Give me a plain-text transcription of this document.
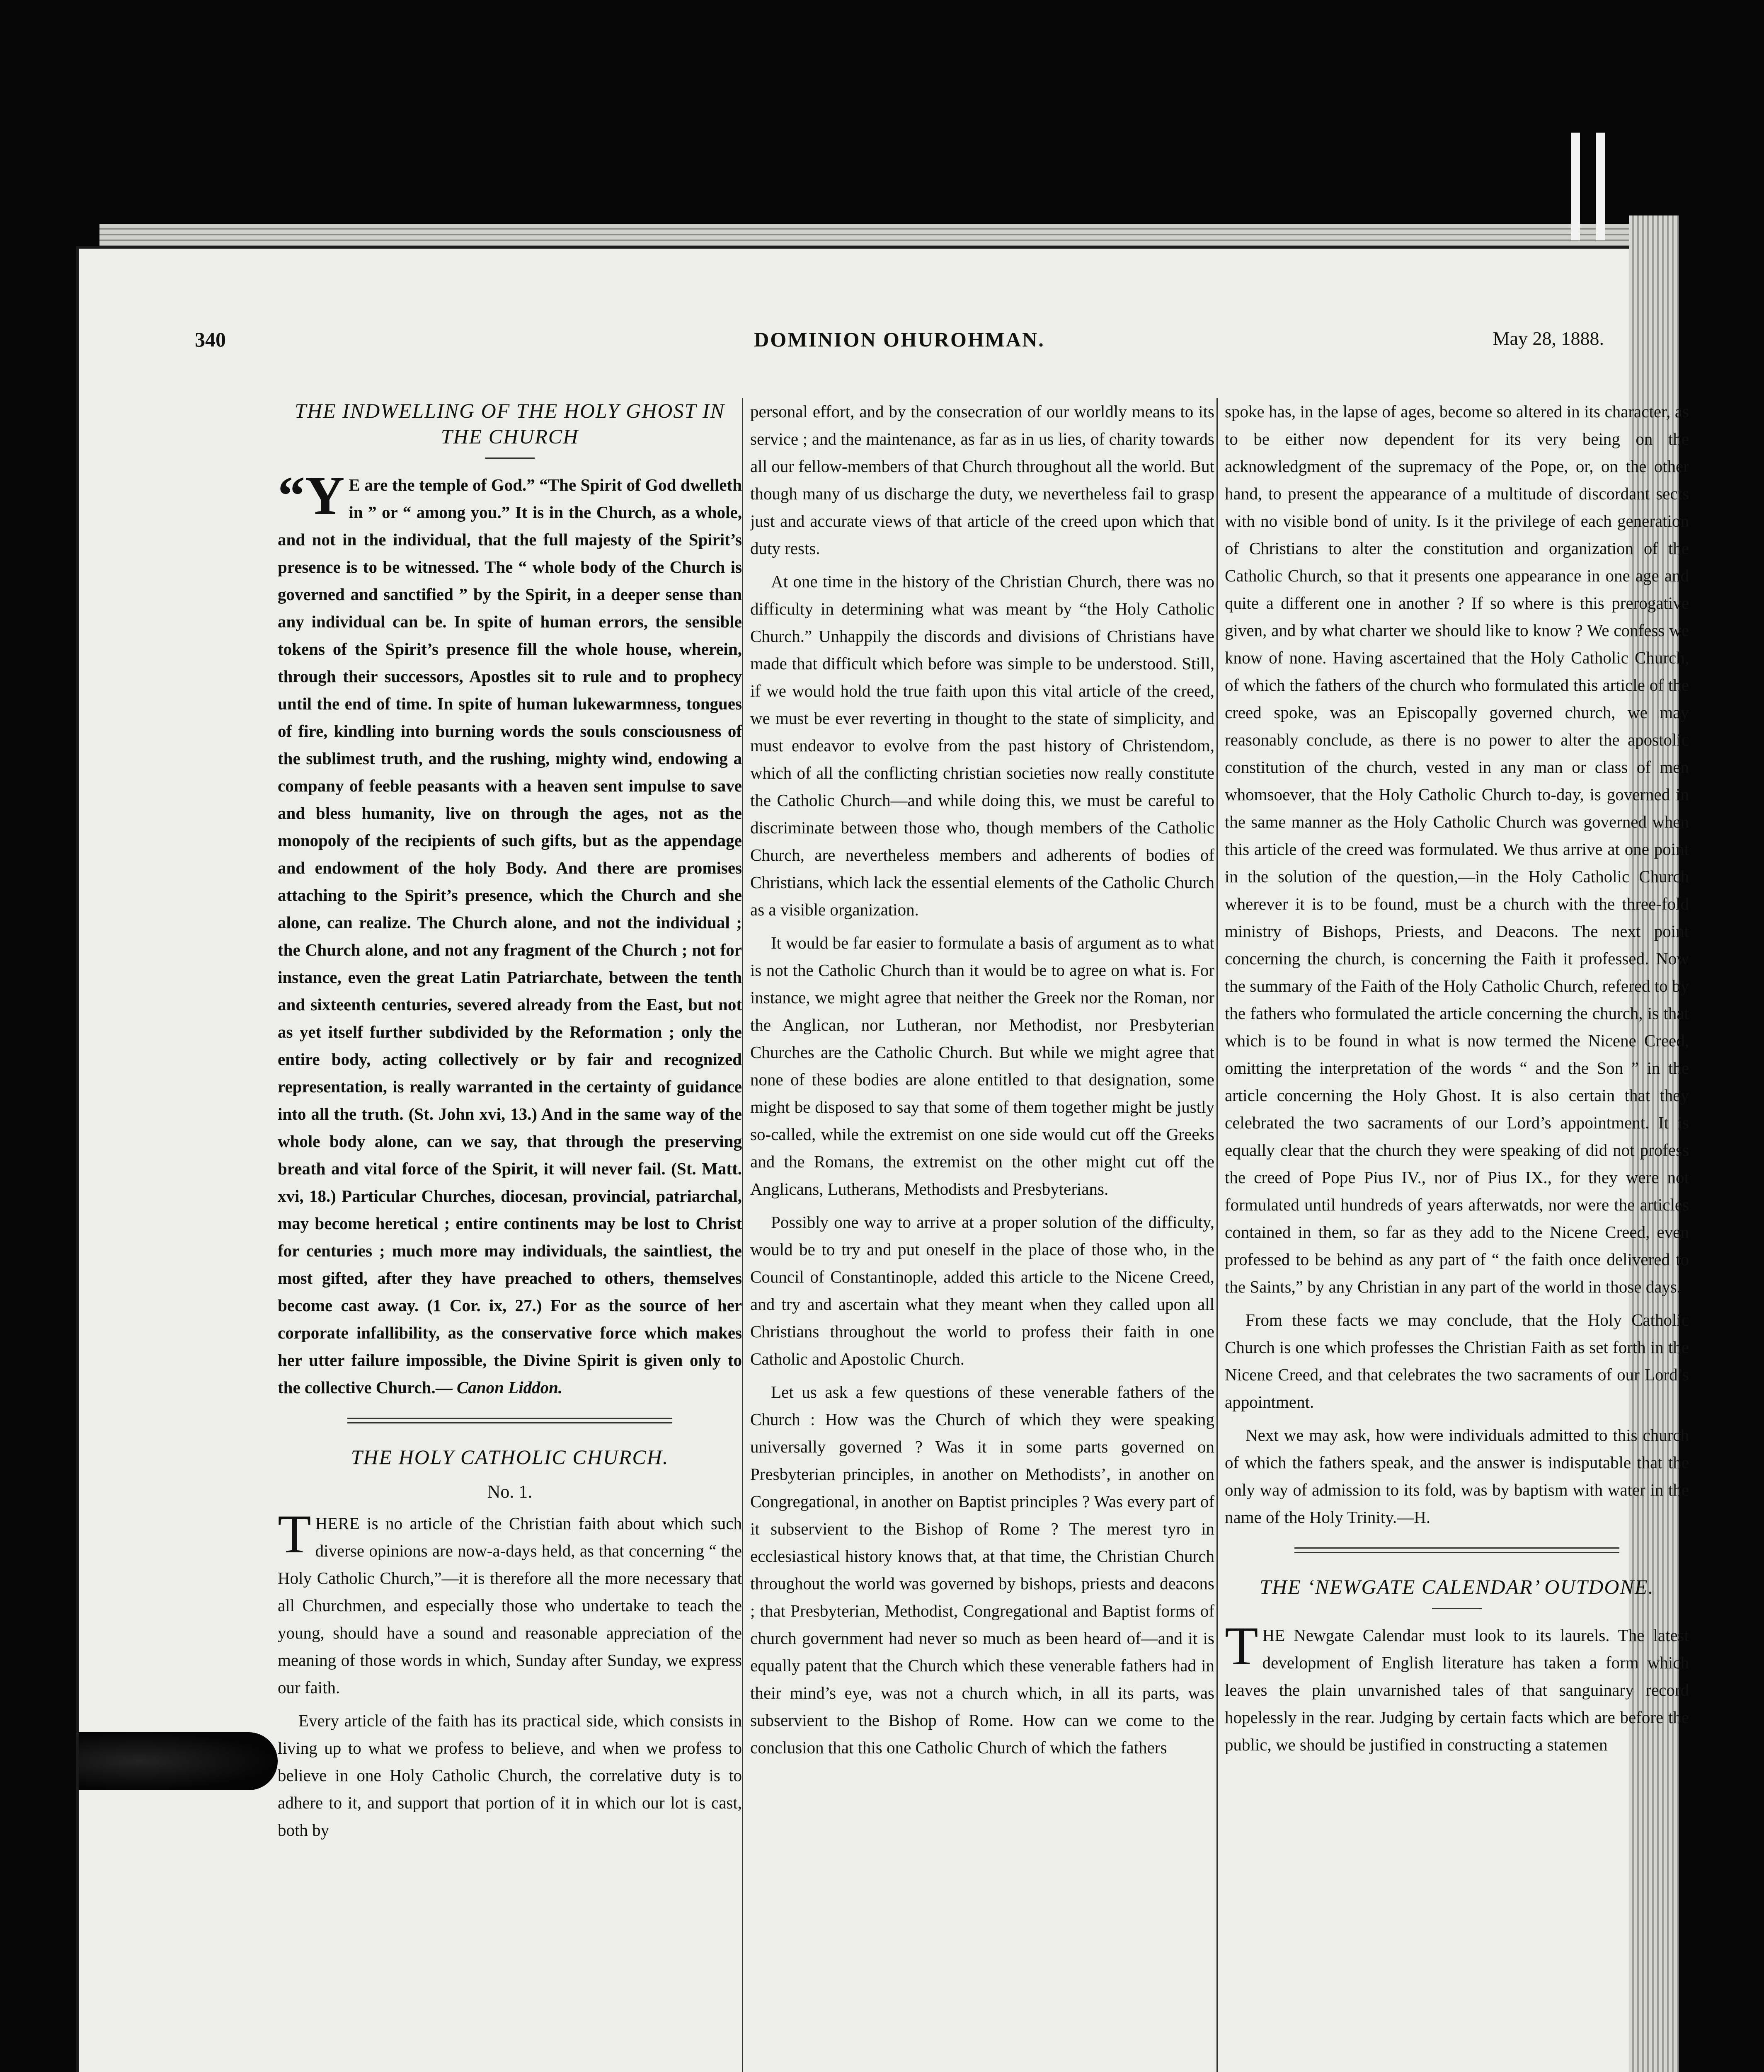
340	DOMINION OHUROHMAN.	May 28, 1888.
THE INDWELLING OF THE HOLY GHOST IN THE CHURCH

“Y E are the temple of God.” “The Spirit of God dwelleth in ” or “ among you.” It is in the Church, as a whole, and not in the individual, that the full majesty of the Spirit’s presence is to be witnessed. The “ whole body of the Church is governed and sanctified ” by the Spirit, in a deeper sense than any individual can be. In spite of human errors, the sensible tokens of the Spirit’s presence fill the whole house, wherein, through their successors, Apostles sit to rule and to prophecy until the end of time. In spite of human lukewarmness, tongues of fire, kindling into burning words the souls consciousness of the sublimest truth, and the rushing, mighty wind, endowing a company of feeble peasants with a heaven sent impulse to save and bless humanity, live on through the ages, not as the monopoly of the recipients of such gifts, but as the appendage and endowment of the holy Body. And there are promises attaching to the Spirit’s presence, which the Church and she alone, can realize. The Church alone, and not the individual ; the Church alone, and not any fragment of the Church ; not for instance, even the great Latin Patriarchate, between the tenth and sixteenth centuries, severed already from the East, but not as yet itself further subdivided by the Reformation ; only the entire body, acting collectively or by fair and recognized representation, is really warranted in the certainty of guidance into all the truth. (St. John xvi, 13.) And in the same way of the whole body alone, can we say, that through the preserving breath and vital force of the Spirit, it will never fail. (St. Matt. xvi, 18.) Particular Churches, diocesan, provincial, patriarchal, may become heretical ; entire continents may be lost to Christ for centuries ; much more may individuals, the saintliest, the most gifted, after they have preached to others, themselves become cast away. (1 Cor. ix, 27.) For as the source of her corporate infallibility, as the conservative force which makes her utter failure impossible, the Divine Spirit is given only to the collective Church.— Canon Liddon.

THE HOLY CATHOLIC CHURCH.
No. 1.

T HERE is no article of the Christian faith about which such diverse opinions are now-a-days held, as that concerning “ the Holy Catholic Church,”—it is therefore all the more necessary that all Churchmen, and especially those who undertake to teach the young, should have a sound and reasonable appreciation of the meaning of those words in which, Sunday after Sunday, we express our faith.

Every article of the faith has its practical side, which consists in living up to what we profess to believe, and when we profess to believe in one Holy Catholic Church, the correlative duty is to adhere to it, and support that portion of it in which our lot is cast, both by

personal effort, and by the consecration of our worldly means to its service ; and the maintenance, as far as in us lies, of charity towards all our fellow-members of that Church throughout all the world. But though many of us discharge the duty, we nevertheless fail to grasp just and accurate views of that article of the creed upon which that duty rests.

At one time in the history of the Christian Church, there was no difficulty in determining what was meant by “the Holy Catholic Church.” Unhappily the discords and divisions of Christians have made that difficult which before was simple to be understood. Still, if we would hold the true faith upon this vital article of the creed, we must be ever reverting in thought to the state of simplicity, and must endeavor to evolve from the past history of Christendom, which of all the conflicting christian societies now really constitute the Catholic Church—and while doing this, we must be careful to discriminate between those who, though members of the Catholic Church, are nevertheless members and adherents of bodies of Christians, which lack the essential elements of the Catholic Church as a visible organization.

It would be far easier to formulate a basis of argument as to what is not the Catholic Church than it would be to agree on what is. For instance, we might agree that neither the Greek nor the Roman, nor the Anglican, nor Lutheran, nor Methodist, nor Presbyterian Churches are the Catholic Church. But while we might agree that none of these bodies are alone entitled to that designation, some might be disposed to say that some of them together might be justly so-called, while the extremist on one side would cut off the Greeks and the Romans, the extremist on the other might cut off the Anglicans, Lutherans, Methodists and Presbyterians.

Possibly one way to arrive at a proper solution of the difficulty, would be to try and put oneself in the place of those who, in the Council of Constantinople, added this article to the Nicene Creed, and try and ascertain what they meant when they called upon all Christians throughout the world to profess their faith in one Catholic and Apostolic Church.

Let us ask a few questions of these venerable fathers of the Church : How was the Church of which they were speaking universally governed ? Was it in some parts governed on Presbyterian principles, in another on Methodists’, in another on Congregational, in another on Baptist principles ? Was every part of it subservient to the Bishop of Rome ? The merest tyro in ecclesiastical history knows that, at that time, the Christian Church throughout the world was governed by bishops, priests and deacons ; that Presbyterian, Methodist, Congregational and Baptist forms of church government had never so much as been heard of—and it is equally patent that the Church which these venerable fathers had in their mind’s eye, was not a church which, in all its parts, was subservient to the Bishop of Rome. How can we come to the conclusion that this one Catholic Church of which the fathers

spoke has, in the lapse of ages, become so altered in its character, as to be either now dependent for its very being on the acknowledgment of the supremacy of the Pope, or, on the other hand, to present the appearance of a multitude of discordant sects with no visible bond of unity. Is it the privilege of each generation of Christians to alter the constitution and organization of the Catholic Church, so that it presents one appearance in one age and quite a different one in another ? If so where is this prerogative given, and by what charter we should like to know ? We confess we know of none. Having ascertained that the Holy Catholic Church, of which the fathers of the church who formulated this article of the creed spoke, was an Episcopally governed church, we may reasonably conclude, as there is no power to alter the apostolic constitution of the church, vested in any man or class of men whomsoever, that the Holy Catholic Church to-day, is governed in the same manner as the Holy Catholic Church was governed when this article of the creed was formulated. We thus arrive at one point in the solution of the question,—in the Holy Catholic Church wherever it is to be found, must be a church with the three-fold ministry of Bishops, Priests, and Deacons. The next point concerning the church, is concerning the Faith it professed. Now the summary of the Faith of the Holy Catholic Church, refered to by the fathers who formulated the article concerning the church, is that which is to be found in what is now termed the Nicene Creed, omitting the interpretation of the words “ and the Son ” in the article concerning the Holy Ghost. It is also certain that they celebrated the two sacraments of our Lord’s appointment. It is equally clear that the church they were speaking of did not profess the creed of Pope Pius IV., nor of Pius IX., for they were not formulated until hundreds of years afterwatds, nor were the articles contained in them, so far as they add to the Nicene Creed, even professed to be behind as any part of “ the faith once delivered to the Saints,” by any Christian in any part of the world in those days.

From these facts we may conclude, that the Holy Catholic Church is one which professes the Christian Faith as set forth in the Nicene Creed, and that celebrates the two sacraments of our Lord’s appointment.

Next we may ask, how were individuals admitted to this church of which the fathers speak, and the answer is indisputable that the only way of admission to its fold, was by baptism with water in the name of the Holy Trinity.—H.

THE ‘NEWGATE CALENDAR’ OUTDONE.

T HE Newgate Calendar must look to its laurels. The latest development of English literature has taken a form which leaves the plain unvarnished tales of that sanguinary record hopelessly in the rear. Judging by certain facts which are before the public, we should be justified in constructing a statemen
